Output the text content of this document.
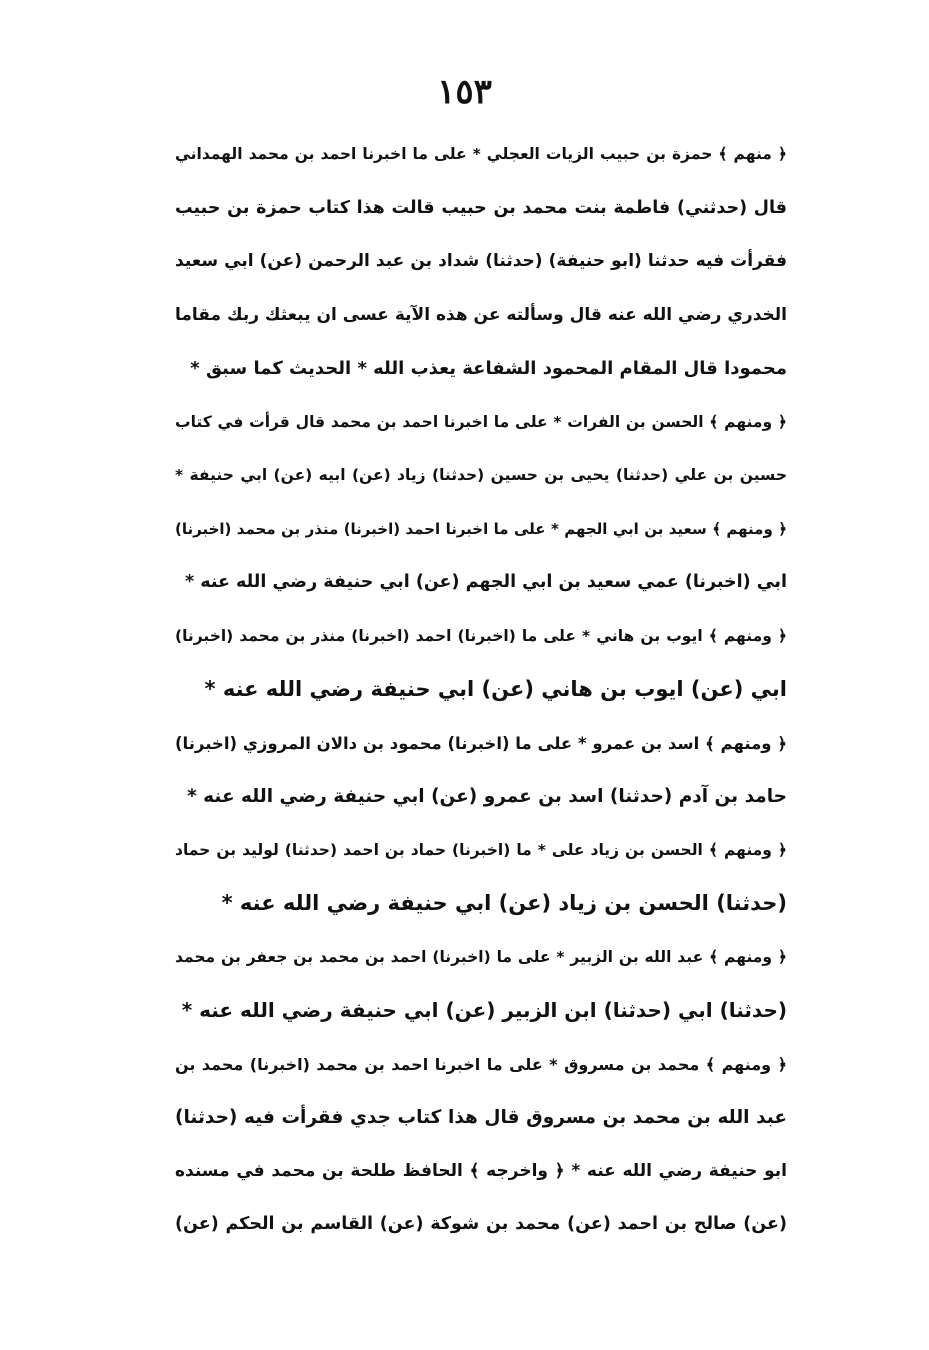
١٥٣
﴿ منهم ﴾ حمزة بن حبيب الزيات العجلي * على ما اخبرنا احمد بن محمد الهمداني
قال (حدثني) فاطمة بنت محمد بن حبيب قالت هذا كتاب حمزة بن حبيب
فقرأت فيه حدثنا (ابو حنيفة) (حدثنا) شداد بن عبد الرحمن (عن) ابي سعيد
الخدري رضي الله عنه قال وسألته عن هذه الآية عسى ان يبعثك ربك مقاما
محمودا قال المقام المحمود الشفاعة يعذب الله * الحديث كما سبق *
﴿ ومنهم ﴾ الحسن بن الفرات * على ما اخبرنا احمد بن محمد قال قرأت في كتاب
حسين بن علي (حدثنا) يحيى بن حسين (حدثنا) زياد (عن) ابيه (عن) ابي حنيفة *
﴿ ومنهم ﴾ سعيد بن ابي الجهم * على ما اخبرنا احمد (اخبرنا) منذر بن محمد (اخبرنا)
ابي (اخبرنا) عمي سعيد بن ابي الجهم (عن) ابي حنيفة رضي الله عنه *
﴿ ومنهم ﴾ ايوب بن هاني * على ما (اخبرنا) احمد (اخبرنا) منذر بن محمد (اخبرنا)
ابي (عن) ايوب بن هاني (عن) ابي حنيفة رضي الله عنه *
﴿ ومنهم ﴾ اسد بن عمرو * على ما (اخبرنا) محمود بن دالان المروزي (اخبرنا)
حامد بن آدم (حدثنا) اسد بن عمرو (عن) ابي حنيفة رضي الله عنه *
﴿ ومنهم ﴾ الحسن بن زياد على * ما (اخبرنا) حماد بن احمد (حدثنا) لوليد بن حماد
(حدثنا) الحسن بن زياد (عن) ابي حنيفة رضي الله عنه *
﴿ ومنهم ﴾ عبد الله بن الزبير * على ما (اخبرنا) احمد بن محمد بن جعفر بن محمد
(حدثنا) ابي (حدثنا) ابن الزبير (عن) ابي حنيفة رضي الله عنه *
﴿ ومنهم ﴾ محمد بن مسروق * على ما اخبرنا احمد بن محمد (اخبرنا) محمد بن
عبد الله بن محمد بن مسروق قال هذا كتاب جدي فقرأت فيه (حدثنا)
ابو حنيفة رضي الله عنه * ﴿ واخرجه ﴾ الحافظ طلحة بن محمد في مسنده
(عن) صالح بن احمد (عن) محمد بن شوكة (عن) القاسم بن الحكم (عن)
